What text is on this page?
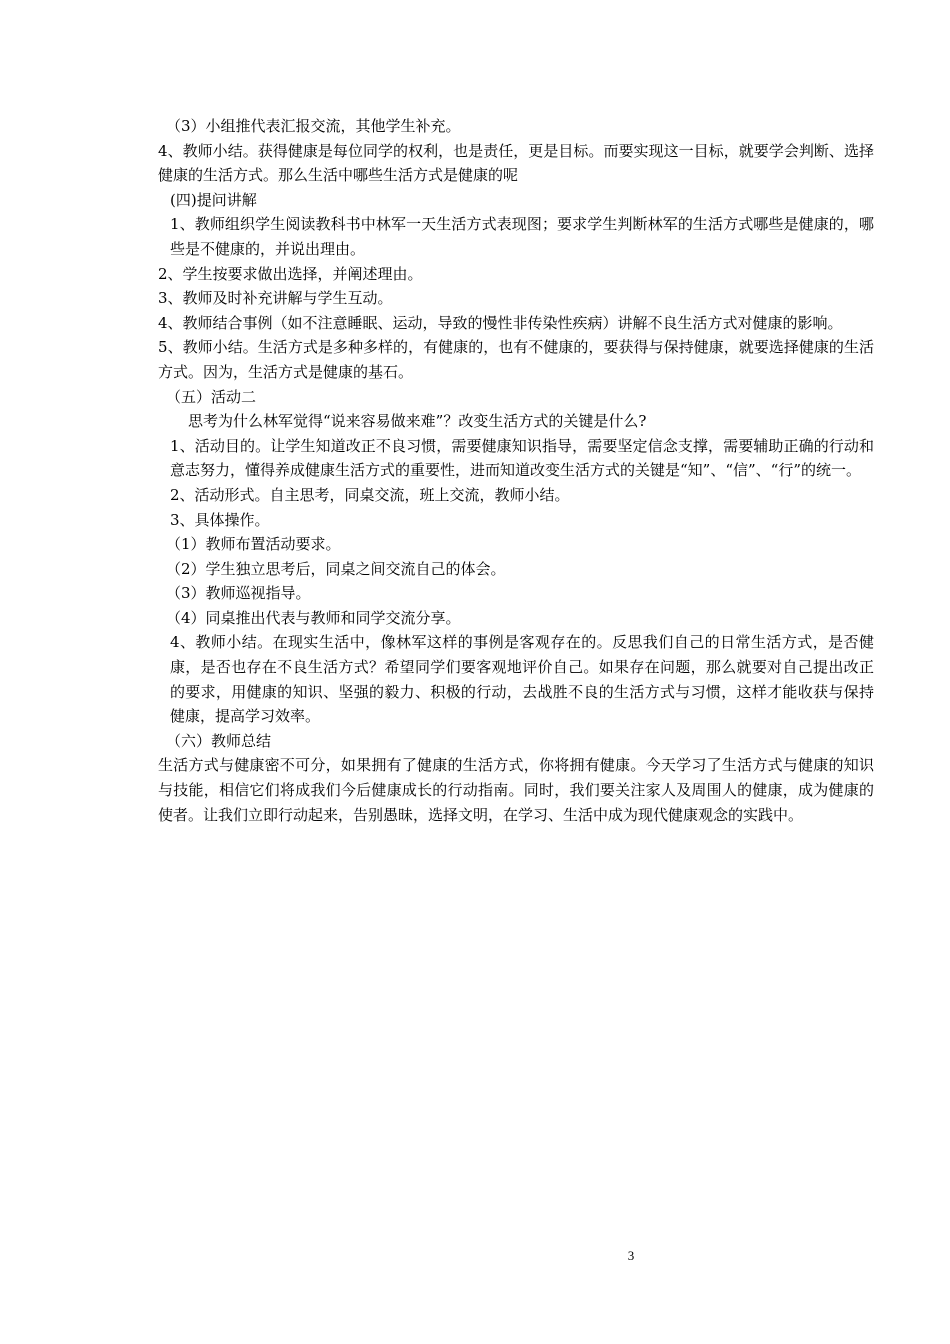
（3）小组推代表汇报交流，其他学生补充。

4、教师小结。获得健康是每位同学的权利，也是责任，更是目标。而要实现这一目标，就要学会判断、选择健康的生活方式。那么生活中哪些生活方式是健康的呢

(四)提问讲解

1、教师组织学生阅读教科书中林军一天生活方式表现图；要求学生判断林军的生活方式哪些是健康的，哪些是不健康的，并说出理由。

2、学生按要求做出选择，并阐述理由。

3、教师及时补充讲解与学生互动。

4、教师结合事例（如不注意睡眠、运动，导致的慢性非传染性疾病）讲解不良生活方式对健康的影响。

5、教师小结。生活方式是多种多样的，有健康的，也有不健康的，要获得与保持健康，就要选择健康的生活方式。因为，生活方式是健康的基石。

（五）活动二

思考为什么林军觉得“说来容易做来难”？改变生活方式的关键是什么?

1、活动目的。让学生知道改正不良习惯，需要健康知识指导，需要坚定信念支撑，需要辅助正确的行动和意志努力，懂得养成健康生活方式的重要性，进而知道改变生活方式的关键是“知”、“信”、“行”的统一。

2、活动形式。自主思考，同桌交流，班上交流，教师小结。

3、具体操作。

（1）教师布置活动要求。

（2）学生独立思考后，同桌之间交流自己的体会。

（3）教师巡视指导。

（4）同桌推出代表与教师和同学交流分享。

4、教师小结。在现实生活中，像林军这样的事例是客观存在的。反思我们自己的日常生活方式，是否健康，是否也存在不良生活方式？希望同学们要客观地评价自己。如果存在问题，那么就要对自己提出改正的要求，用健康的知识、坚强的毅力、积极的行动，去战胜不良的生活方式与习惯，这样才能收获与保持健康，提高学习效率。

（六）教师总结

生活方式与健康密不可分，如果拥有了健康的生活方式，你将拥有健康。今天学习了生活方式与健康的知识与技能，相信它们将成我们今后健康成长的行动指南。同时，我们要关注家人及周围人的健康，成为健康的使者。让我们立即行动起来，告别愚昧，选择文明，在学习、生活中成为现代健康观念的实践中。

3
